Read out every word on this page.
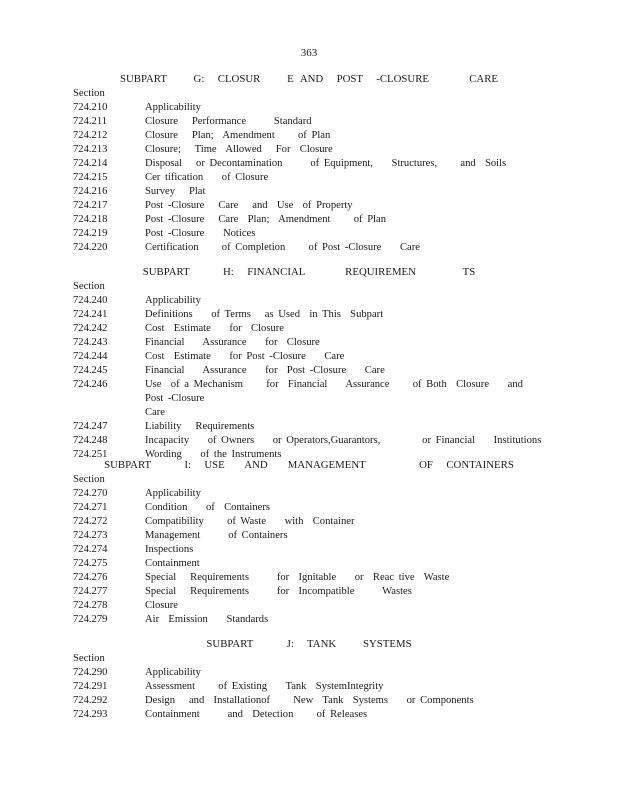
363
SUBPART    G:  CLOSUR    E AND  POST  -CLOSURE      CARE
Section
724.210	Applicability
724.211	Closure   Performance      Standard
724.212	Closure   Plan;  Amendment     of Plan
724.213	Closure;   Time  Allowed   For  Closure
724.214	Disposal   or Decontamination      of Equipment,    Structures,     and  Soils
724.215	Cer tification    of Closure
724.216	Survey   Plat
724.217	Post -Closure   Care   and  Use  of Property
724.218	Post -Closure   Care  Plan;  Amendment     of Plan
724.219	Post -Closure    Notices
724.220	Certification     of Completion     of Post -Closure    Care
SUBPART     H:  FINANCIAL      REQUIREMEN       TS
Section
724.240	Applicability
724.241	Definitions    of Terms   as Used  in This  Subpart
724.242	Cost  Estimate    for  Closure
724.243	Financial    Assurance    for  Closure
724.244	Cost  Estimate    for Post -Closure    Care
724.245	Financial    Assurance    for  Post -Closure    Care
724.246	Use  of a Mechanism     for  Financial    Assurance     of Both  Closure    and  Post -Closure
Care
724.247	Liability   Requirements
724.248	Incapacity    of Owners    or Operators,Guarantors,         or Financial    Institutions
724.251	Wording    of the Instruments
SUBPART     I:  USE   AND   MANAGEMENT        OF  CONTAINERS
Section
724.270	Applicability
724.271	Condition    of  Containers
724.272	Compatibility     of Waste    with  Container
724.273	Management      of Containers
724.274	Inspections
724.275	Containment
724.276	Special   Requirements      for  Ignitable    or  Reac tive  Waste
724.277	Special   Requirements      for  Incompatible      Wastes
724.278	Closure
724.279	Air  Emission    Standards
SUBPART     J:  TANK    SYSTEMS
Section
724.290	Applicability
724.291	Assessment     of Existing    Tank  SystemIntegrity
724.292	Design   and  Installationof     New  Tank  Systems    or Components
724.293	Containment      and  Detection     of Releases
